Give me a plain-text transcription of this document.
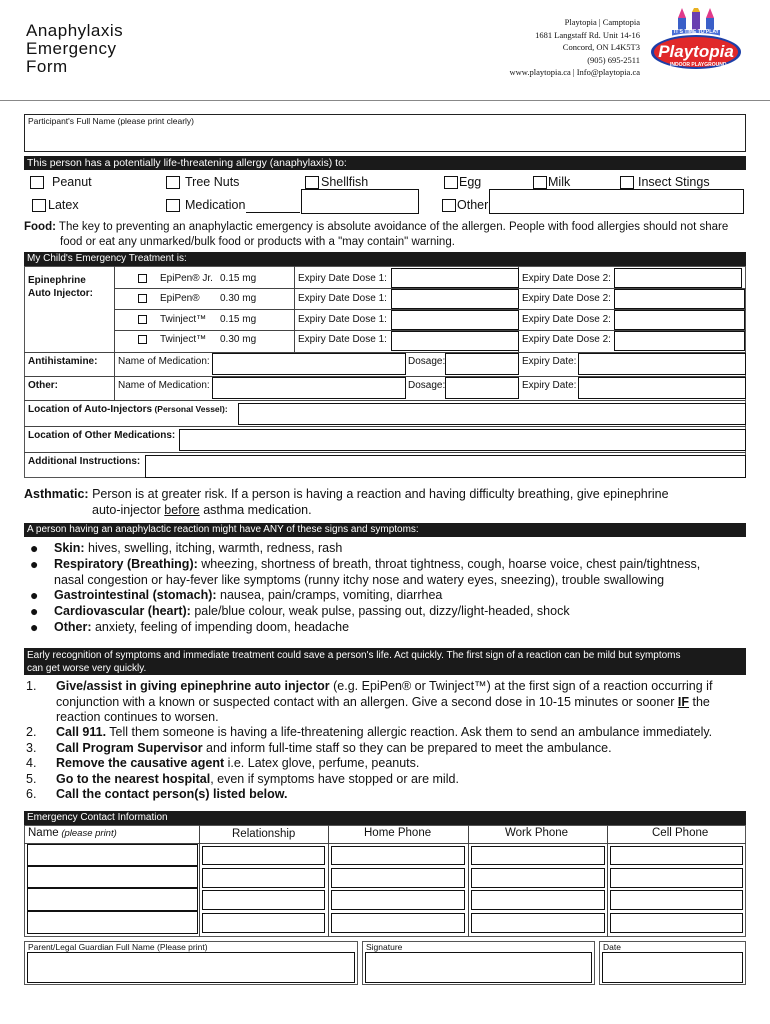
Anaphylaxis
Emergency
Form
Playtopia | Camptopia
1681 Langstaff Rd. Unit 14-16
Concord, ON L4K5T3
(905) 695-2511
www.playtopia.ca | Info@playtopia.ca
IT'S TIME TO PLAY
Playtopia
INDOOR PLAYGROUND
Participant's Full Name (please print clearly)
This person has a potentially life-threatening allergy (anaphylaxis) to:
Peanut	Tree Nuts	Shellfish	Egg	Milk	Insect Stings
Latex	Medication	Other
Food: The key to preventing an anaphylactic emergency is absolute avoidance of the allergen. People with food allergies should not share
food or eat any unmarked/bulk food or products with a "may contain" warning.
My Child's Emergency Treatment is:
Epinephrine
Auto Injector:
EpiPen® Jr. 0.15 mg	Expiry Date Dose 1:	Expiry Date Dose 2:
EpiPen® 0.30 mg	Expiry Date Dose 1:	Expiry Date Dose 2:
Twinject™ 0.15 mg	Expiry Date Dose 1:	Expiry Date Dose 2:
Twinject™ 0.30 mg	Expiry Date Dose 1:	Expiry Date Dose 2:
Antihistamine: Name of Medication:	Dosage:	Expiry Date:
Other:	Name of Medication:	Dosage:	Expiry Date:
Location of Auto-Injectors (Personal Vessel):
Location of Other Medications:
Additional Instructions:
Asthmatic: Person is at greater risk. If a person is having a reaction and having difficulty breathing, give epinephrine
auto-injector before asthma medication.
A person having an anaphylactic reaction might have ANY of these signs and symptoms:
● Skin: hives, swelling, itching, warmth, redness, rash
● Respiratory (Breathing): wheezing, shortness of breath, throat tightness, cough, hoarse voice, chest pain/tightness,
nasal congestion or hay-fever like symptoms (runny itchy nose and watery eyes, sneezing), trouble swallowing
● Gastrointestinal (stomach): nausea, pain/cramps, vomiting, diarrhea
● Cardiovascular (heart): pale/blue colour, weak pulse, passing out, dizzy/light-headed, shock
● Other: anxiety, feeling of impending doom, headache
Early recognition of symptoms and immediate treatment could save a person's life. Act quickly. The first sign of a reaction can be mild but symptoms
can get worse very quickly.
1. Give/assist in giving epinephrine auto injector (e.g. EpiPen® or Twinject™) at the first sign of a reaction occurring if
conjunction with a known or suspected contact with an allergen. Give a second dose in 10-15 minutes or sooner IF the
reaction continues to worsen.
2. Call 911. Tell them someone is having a life-threatening allergic reaction. Ask them to send an ambulance immediately.
3. Call Program Supervisor and inform full-time staff so they can be prepared to meet the ambulance.
4. Remove the causative agent i.e. Latex glove, perfume, peanuts.
5. Go to the nearest hospital, even if symptoms have stopped or are mild.
6. Call the contact person(s) listed below.
Emergency Contact Information
Name (please print)	Relationship	Home Phone	Work Phone	Cell Phone
Parent/Legal Guardian Full Name (Please print)	Signature	Date
